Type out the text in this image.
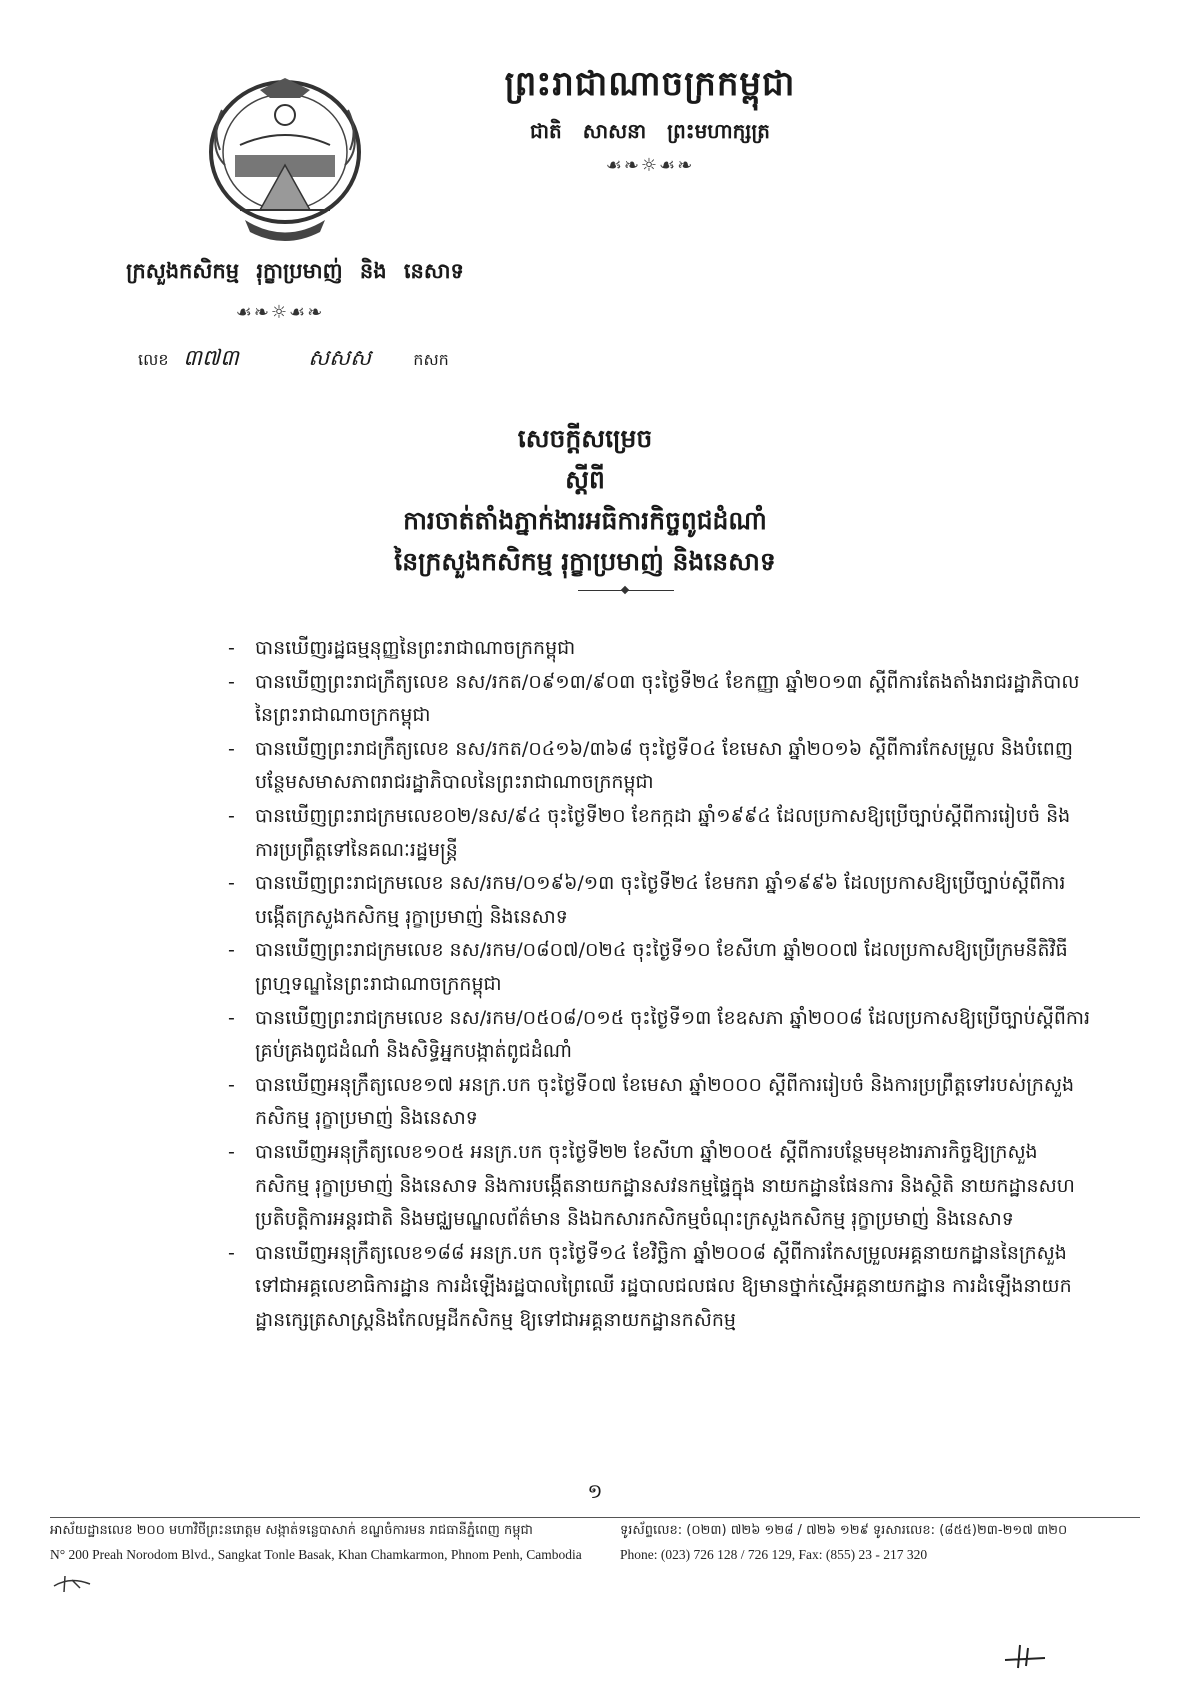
ព្រះរាជាណាចក្រកម្ពុជា
ជាតិ សាសនា ព្រះមហាក្សត្រ
☙❧☼☙❧
ក្រសួងកសិកម្ម រុក្ខាប្រមាញ់ និង នេសាទ
☙❧☼☙❧
លេខ ៣៧៣	សសស	កសក
សេចក្តីសម្រេច
ស្តីពី
ការចាត់តាំងភ្នាក់ងារអធិការកិច្ចពូជដំណាំ
នៃក្រសួងកសិកម្ម រុក្ខាប្រមាញ់ និងនេសាទ
- បានឃើញរដ្ឋធម្មនុញ្ញនៃព្រះរាជាណាចក្រកម្ពុជា
- បានឃើញព្រះរាជក្រឹត្យលេខ នស/រកត/០៩១៣/៩០៣ ចុះថ្ងៃទី២៤ ខែកញ្ញា ឆ្នាំ២០១៣ ស្តីពីការតែងតាំងរាជរដ្ឋាភិបាលនៃព្រះរាជាណាចក្រកម្ពុជា
- បានឃើញព្រះរាជក្រឹត្យលេខ នស/រកត/០៤១៦/៣៦៨ ចុះថ្ងៃទី០៤ ខែមេសា ឆ្នាំ២០១៦ ស្តីពីការកែសម្រួល និងបំពេញបន្ថែមសមាសភាពរាជរដ្ឋាភិបាលនៃព្រះរាជាណាចក្រកម្ពុជា
- បានឃើញព្រះរាជក្រមលេខ០២/នស/៩៤ ចុះថ្ងៃទី២០ ខែកក្កដា ឆ្នាំ១៩៩៤ ដែលប្រកាសឱ្យប្រើច្បាប់ស្តីពីការរៀបចំ និងការប្រព្រឹត្តទៅនៃគណៈរដ្ឋមន្ត្រី
- បានឃើញព្រះរាជក្រមលេខ នស/រកម/០១៩៦/១៣ ចុះថ្ងៃទី២៤ ខែមករា ឆ្នាំ១៩៩៦ ដែលប្រកាសឱ្យប្រើច្បាប់ស្តីពីការបង្កើតក្រសួងកសិកម្ម រុក្ខាប្រមាញ់ និងនេសាទ
- បានឃើញព្រះរាជក្រមលេខ នស/រកម/០៨០៧/០២៤ ចុះថ្ងៃទី១០ ខែសីហា ឆ្នាំ២០០៧ ដែលប្រកាសឱ្យប្រើក្រមនីតិវិធីព្រហ្មទណ្ឌនៃព្រះរាជាណាចក្រកម្ពុជា
- បានឃើញព្រះរាជក្រមលេខ នស/រកម/០៥០៨/០១៥ ចុះថ្ងៃទី១៣ ខែឧសភា ឆ្នាំ២០០៨ ដែលប្រកាសឱ្យប្រើច្បាប់ស្តីពីការគ្រប់គ្រងពូជដំណាំ និងសិទ្ធិអ្នកបង្កាត់ពូជដំណាំ
- បានឃើញអនុក្រឹត្យលេខ១៧ អនក្រ.បក ចុះថ្ងៃទី០៧ ខែមេសា ឆ្នាំ២០០០ ស្តីពីការរៀបចំ និងការប្រព្រឹត្តទៅរបស់ក្រសួងកសិកម្ម រុក្ខាប្រមាញ់ និងនេសាទ
- បានឃើញអនុក្រឹត្យលេខ១០៥ អនក្រ.បក ចុះថ្ងៃទី២២ ខែសីហា ឆ្នាំ២០០៥ ស្តីពីការបន្ថែមមុខងារភារកិច្ចឱ្យក្រសួងកសិកម្ម រុក្ខាប្រមាញ់ និងនេសាទ និងការបង្កើតនាយកដ្ឋានសវនកម្មផ្ទៃក្នុង នាយកដ្ឋានផែនការ និងស្ថិតិ នាយកដ្ឋានសហប្រតិបត្តិការអន្តរជាតិ និងមជ្ឈមណ្ឌលព័ត៌មាន និងឯកសារកសិកម្មចំណុះក្រសួងកសិកម្ម រុក្ខាប្រមាញ់ និងនេសាទ
- បានឃើញអនុក្រឹត្យលេខ១៨៨ អនក្រ.បក ចុះថ្ងៃទី១៤ ខែវិច្ឆិកា ឆ្នាំ២០០៨ ស្តីពីការកែសម្រួលអគ្គនាយកដ្ឋាននៃក្រសួងទៅជាអគ្គលេខាធិការដ្ឋាន ការដំឡើងរដ្ឋបាលព្រៃឈើ រដ្ឋបាលជលផល ឱ្យមានថ្នាក់ស្មើអគ្គនាយកដ្ឋាន ការដំឡើងនាយកដ្ឋានក្សេត្រសាស្ត្រនិងកែលម្អដីកសិកម្ម ឱ្យទៅជាអគ្គនាយកដ្ឋានកសិកម្ម
១
អាស័យដ្ឋានលេខ ២០០ មហាវិថីព្រះនរោត្តម សង្កាត់ទន្លេបាសាក់ ខណ្ឌចំការមន រាជធានីភ្នំពេញ កម្ពុជា
N° 200 Preah Norodom Blvd., Sangkat Tonle Basak, Khan Chamkarmon, Phnom Penh, Cambodia
ទូរស័ព្ទលេខ: (០២៣) ៧២៦ ១២៨ / ៧២៦ ១២៩ ទូរសារលេខ: (៨៥៥)២៣-២១៧ ៣២០
Phone: (023) 726 128 / 726 129, Fax: (855) 23 - 217 320
